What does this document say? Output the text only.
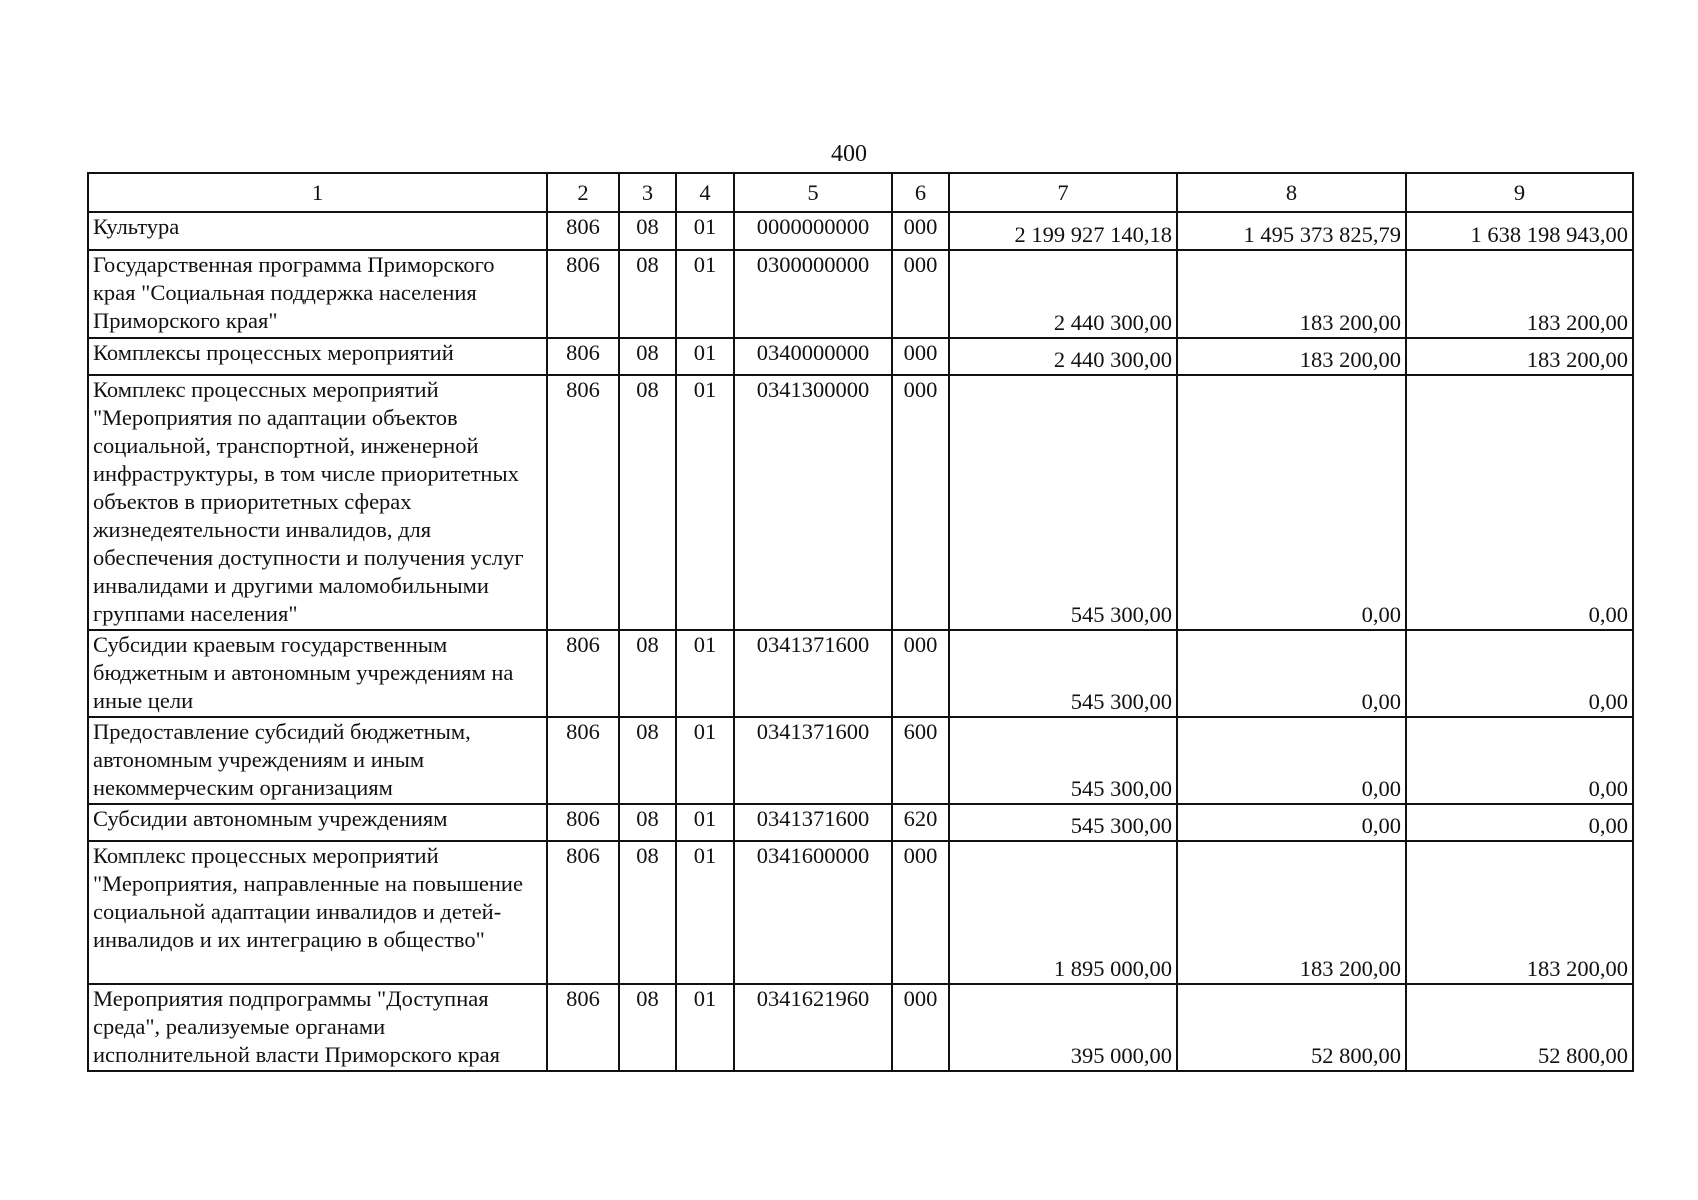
400
1	2	3	4	5	6	7	8	9
Культура	806	08	01	0000000000	000	2 199 927 140,18	1 495 373 825,79	1 638 198 943,00
Государственная программа Приморского края "Социальная поддержка населения Приморского края"	806	08	01	0300000000	000	2 440 300,00	183 200,00	183 200,00
Комплексы процессных мероприятий	806	08	01	0340000000	000	2 440 300,00	183 200,00	183 200,00
Комплекс процессных мероприятий "Мероприятия по адаптации объектов социальной, транспортной, инженерной инфраструктуры, в том числе приоритетных объектов в приоритетных сферах жизнедеятельности инвалидов, для обеспечения доступности и получения услуг инвалидами и другими маломобильными группами населения"	806	08	01	0341300000	000	545 300,00	0,00	0,00
Субсидии краевым государственным бюджетным и автономным учреждениям на иные цели	806	08	01	0341371600	000	545 300,00	0,00	0,00
Предоставление субсидий бюджетным, автономным учреждениям и иным некоммерческим организациям	806	08	01	0341371600	600	545 300,00	0,00	0,00
Субсидии автономным учреждениям	806	08	01	0341371600	620	545 300,00	0,00	0,00
Комплекс процессных мероприятий "Мероприятия, направленные на повышение социальной адаптации инвалидов и детей-инвалидов и их интеграцию в общество"	806	08	01	0341600000	000	1 895 000,00	183 200,00	183 200,00
Мероприятия подпрограммы "Доступная среда", реализуемые органами исполнительной власти Приморского края	806	08	01	0341621960	000	395 000,00	52 800,00	52 800,00
